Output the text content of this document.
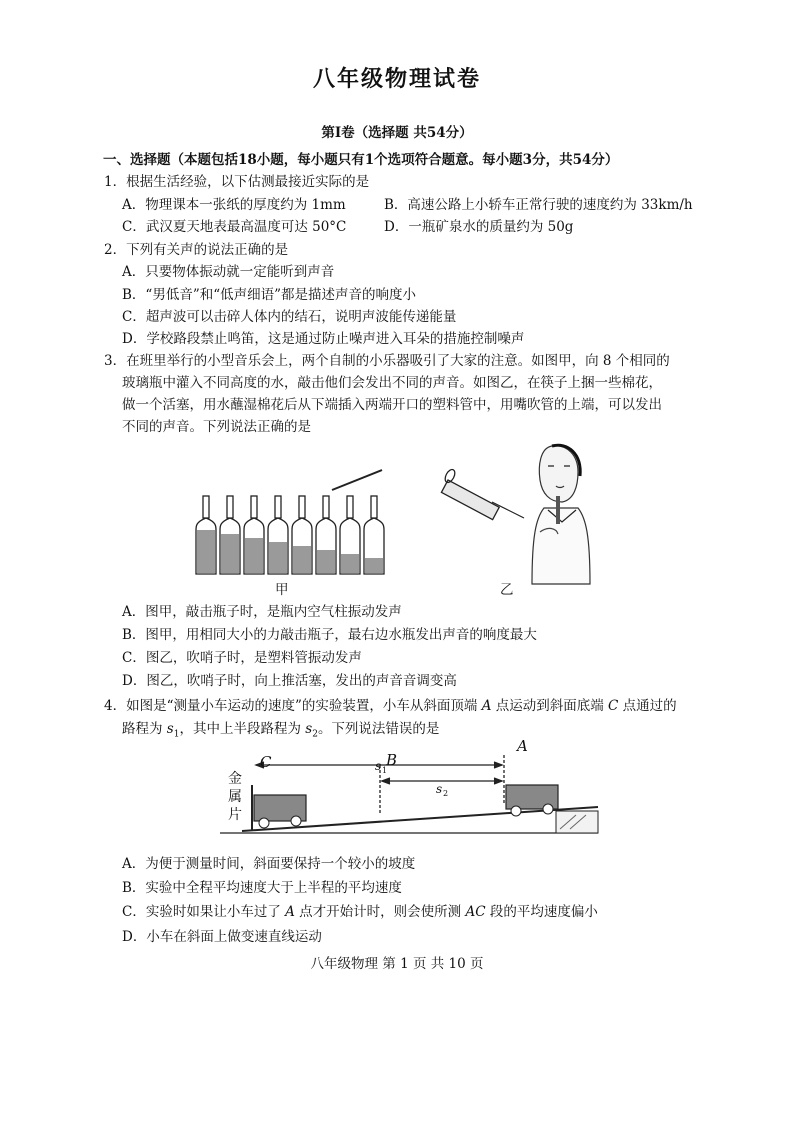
八年级物理试卷
第I卷（选择题 共54分）
一、选择题（本题包括18小题，每小题只有1个选项符合题意。每小题3分，共54分）
1．根据生活经验，以下估测最接近实际的是
A．物理课本一张纸的厚度约为 1mm	B．高速公路上小轿车正常行驶的速度约为 33km/h
C．武汉夏天地表最高温度可达 50°C	D．一瓶矿泉水的质量约为 50g
2．下列有关声的说法正确的是
A．只要物体振动就一定能听到声音
B．“男低音”和“低声细语”都是描述声音的响度小
C．超声波可以击碎人体内的结石，说明声波能传递能量
D．学校路段禁止鸣笛，这是通过防止噪声进入耳朵的措施控制噪声
3．在班里举行的小型音乐会上，两个自制的小乐器吸引了大家的注意。如图甲，向 8 个相同的
玻璃瓶中灌入不同高度的水，敲击他们会发出不同的声音。如图乙，在筷子上捆一些棉花，
做一个活塞，用水蘸湿棉花后从下端插入两端开口的塑料管中，用嘴吹管的上端，可以发出
不同的声音。下列说法正确的是
甲	乙
A．图甲，敲击瓶子时，是瓶内空气柱振动发声
B．图甲，用相同大小的力敲击瓶子，最右边水瓶发出声音的响度最大
C．图乙，吹哨子时，是塑料管振动发声
D．图乙，吹哨子时，向上推活塞，发出的声音音调变高
4．如图是“测量小车运动的速度”的实验装置，小车从斜面顶端 A 点运动到斜面底端 C 点通过的
路程为 $s_1$，其中上半段路程为 $s_2$。下列说法错误的是
C	B
A
s 1
s 2
金属片
A．为便于测量时间，斜面要保持一个较小的坡度
B．实验中全程平均速度大于上半程的平均速度
C．实验时如果让小车过了 A 点才开始计时，则会使所测 AC 段的平均速度偏小
D．小车在斜面上做变速直线运动
八年级物理 第 1 页 共 10 页
